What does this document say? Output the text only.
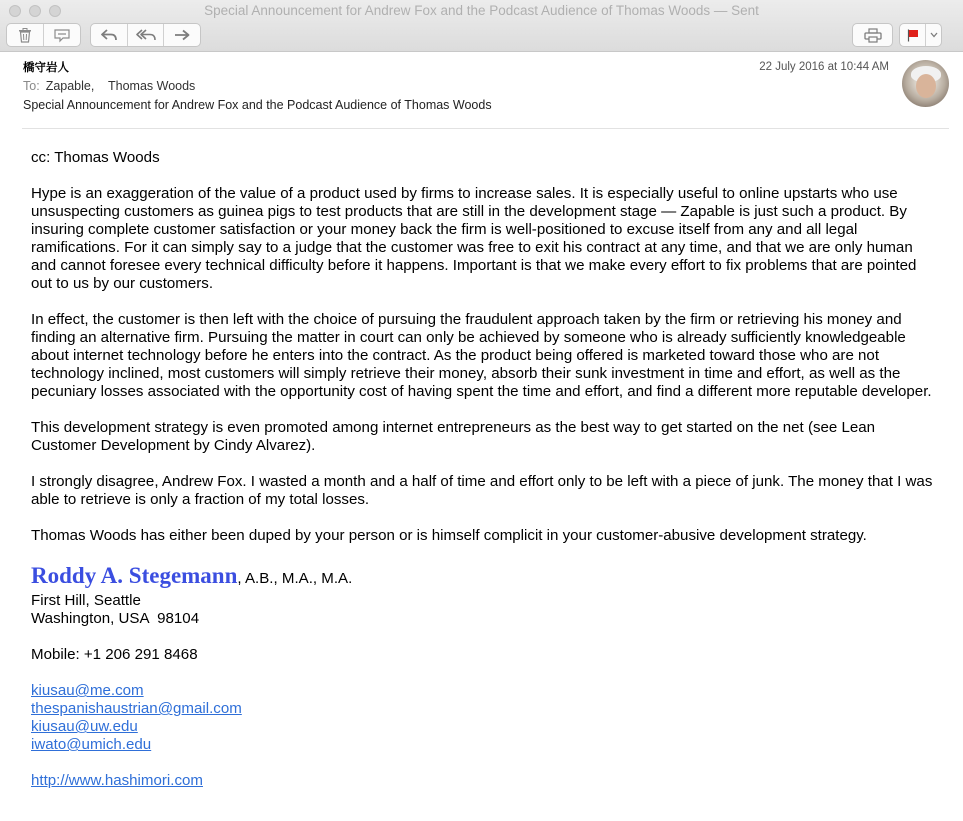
Special Announcement for Andrew Fox and the Podcast Audience of Thomas Woods — Sent
橋守岩人	22 July 2016 at 10:44 AM
To: Zapable,    Thomas Woods
Special Announcement for Andrew Fox and the Podcast Audience of Thomas Woods

cc: Thomas Woods

Hype is an exaggeration of the value of a product used by firms to increase sales. It is especially useful to online upstarts who use unsuspecting customers as guinea pigs to test products that are still in the development stage — Zapable is just such a product. By insuring complete customer satisfaction or your money back the firm is well-positioned to excuse itself from any and all legal ramifications. For it can simply say to a judge that the customer was free to exit his contract at any time, and that we are only human and cannot foresee every technical difficulty before it happens. Important is that we make every effort to fix problems that are pointed out to us by our customers.

In effect, the customer is then left with the choice of pursuing the fraudulent approach taken by the firm or retrieving his money and finding an alternative firm. Pursuing the matter in court can only be achieved by someone who is already sufficiently knowledgeable about internet technology before he enters into the contract. As the product being offered is marketed toward those who are not technology inclined, most customers will simply retrieve their money, absorb their sunk investment in time and effort, as well as the pecuniary losses associated with the opportunity cost of having spent the time and effort, and find a different more reputable developer.

This development strategy is even promoted among internet entrepreneurs as the best way to get started on the net (see Lean Customer Development by Cindy Alvarez).

I strongly disagree, Andrew Fox. I wasted a month and a half of time and effort only to be left with a piece of junk. The money that I was able to retrieve is only a fraction of my total losses.

Thomas Woods has either been duped by your person or is himself complicit in your customer-abusive development strategy.

Roddy A. Stegemann, A.B., M.A., M.A.
First Hill, Seattle
Washington, USA  98104
Mobile: +1 206 291 8468
kiusau@me.com
thespanishaustrian@gmail.com
kiusau@uw.edu
iwato@umich.edu
http://www.hashimori.com
